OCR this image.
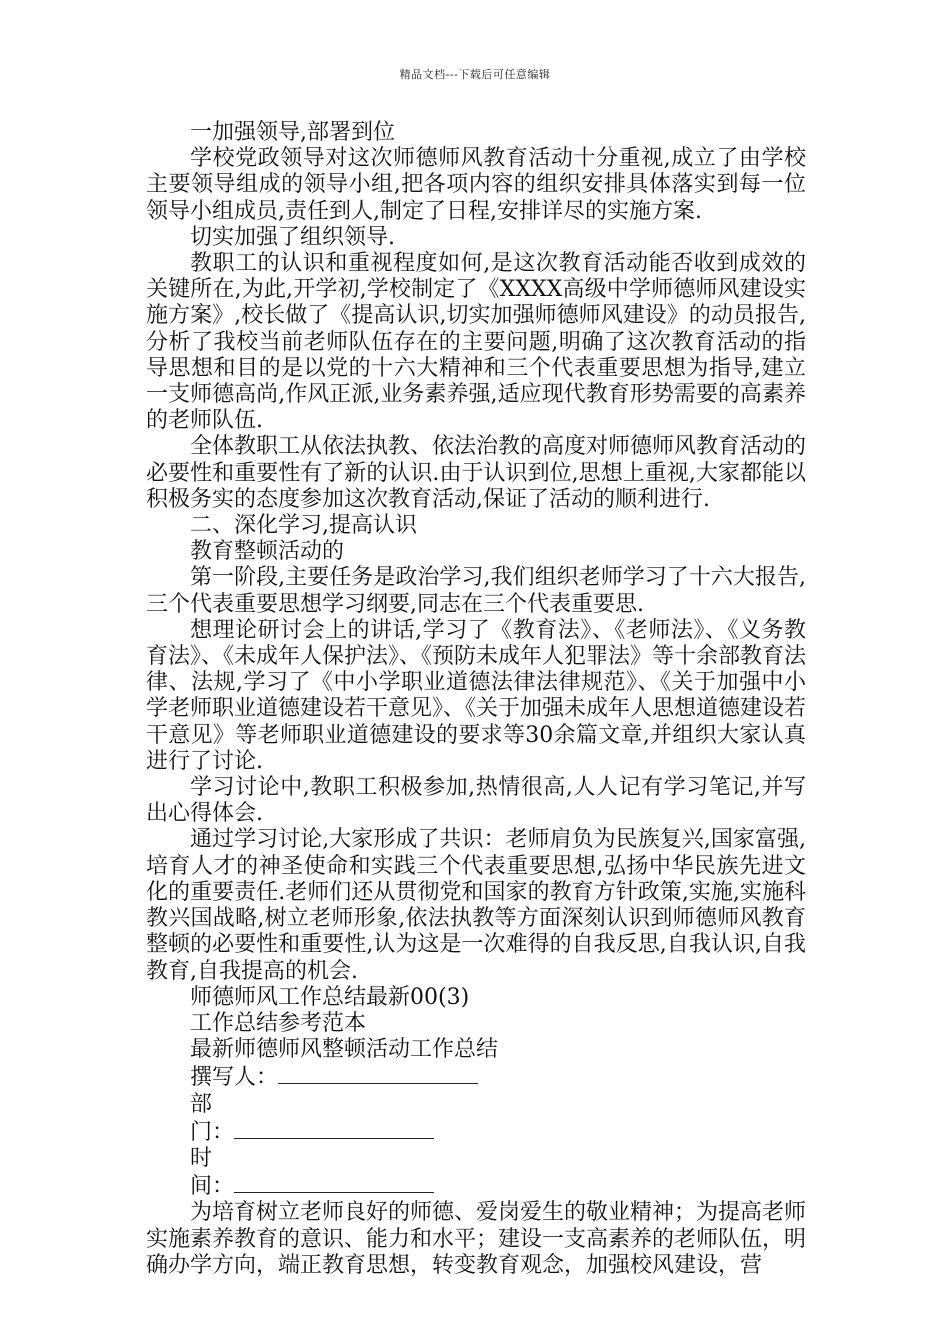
精品文档---下载后可任意编辑

一加强领导,部署到位

学校党政领导对这次师德师风教育活动十分重视,成立了由学校主要领导组成的领导小组,把各项内容的组织安排具体落实到每一位领导小组成员,责任到人,制定了日程,安排详尽的实施方案.

切实加强了组织领导.

教职工的认识和重视程度如何,是这次教育活动能否收到成效的关键所在,为此,开学初,学校制定了《XXXX高级中学师德师风建设实施方案》,校长做了《提高认识,切实加强师德师风建设》的动员报告,分析了我校当前老师队伍存在的主要问题,明确了这次教育活动的指导思想和目的是以党的十六大精神和三个代表重要思想为指导,建立一支师德高尚,作风正派,业务素养强,适应现代教育形势需要的高素养的老师队伍.

全体教职工从依法执教、依法治教的高度对师德师风教育活动的必要性和重要性有了新的认识.由于认识到位,思想上重视,大家都能以积极务实的态度参加这次教育活动,保证了活动的顺利进行.

二、深化学习,提高认识

教育整顿活动的

第一阶段,主要任务是政治学习,我们组织老师学习了十六大报告,三个代表重要思想学习纲要,同志在三个代表重要思.

想理论研讨会上的讲话,学习了《教育法》、《老师法》、《义务教育法》、《未成年人保护法》、《预防未成年人犯罪法》等十余部教育法律、法规,学习了《中小学职业道德法律法律规范》、《关于加强中小学老师职业道德建设若干意见》、《关于加强未成年人思想道德建设若干意见》等老师职业道德建设的要求等30余篇文章,并组织大家认真进行了讨论.

学习讨论中,教职工积极参加,热情很高,人人记有学习笔记,并写出心得体会.

通过学习讨论,大家形成了共识：老师肩负为民族复兴,国家富强,培育人才的神圣使命和实践三个代表重要思想,弘扬中华民族先进文化的重要责任.老师们还从贯彻党和国家的教育方针政策,实施,实施科教兴国战略,树立老师形象,依法执教等方面深刻认识到师德师风教育整顿的必要性和重要性,认为这是一次难得的自我反思,自我认识,自我教育,自我提高的机会.

师德师风工作总结最新00(3)

工作总结参考范本

最新师德师风整顿活动工作总结

撰写人：

部

门：

时

间：

为培育树立老师良好的师德、爱岗爱生的敬业精神；为提高老师实施素养教育的意识、能力和水平；建设一支高素养的老师队伍，明确办学方向，端正教育思想，转变教育观念，加强校风建设，营
